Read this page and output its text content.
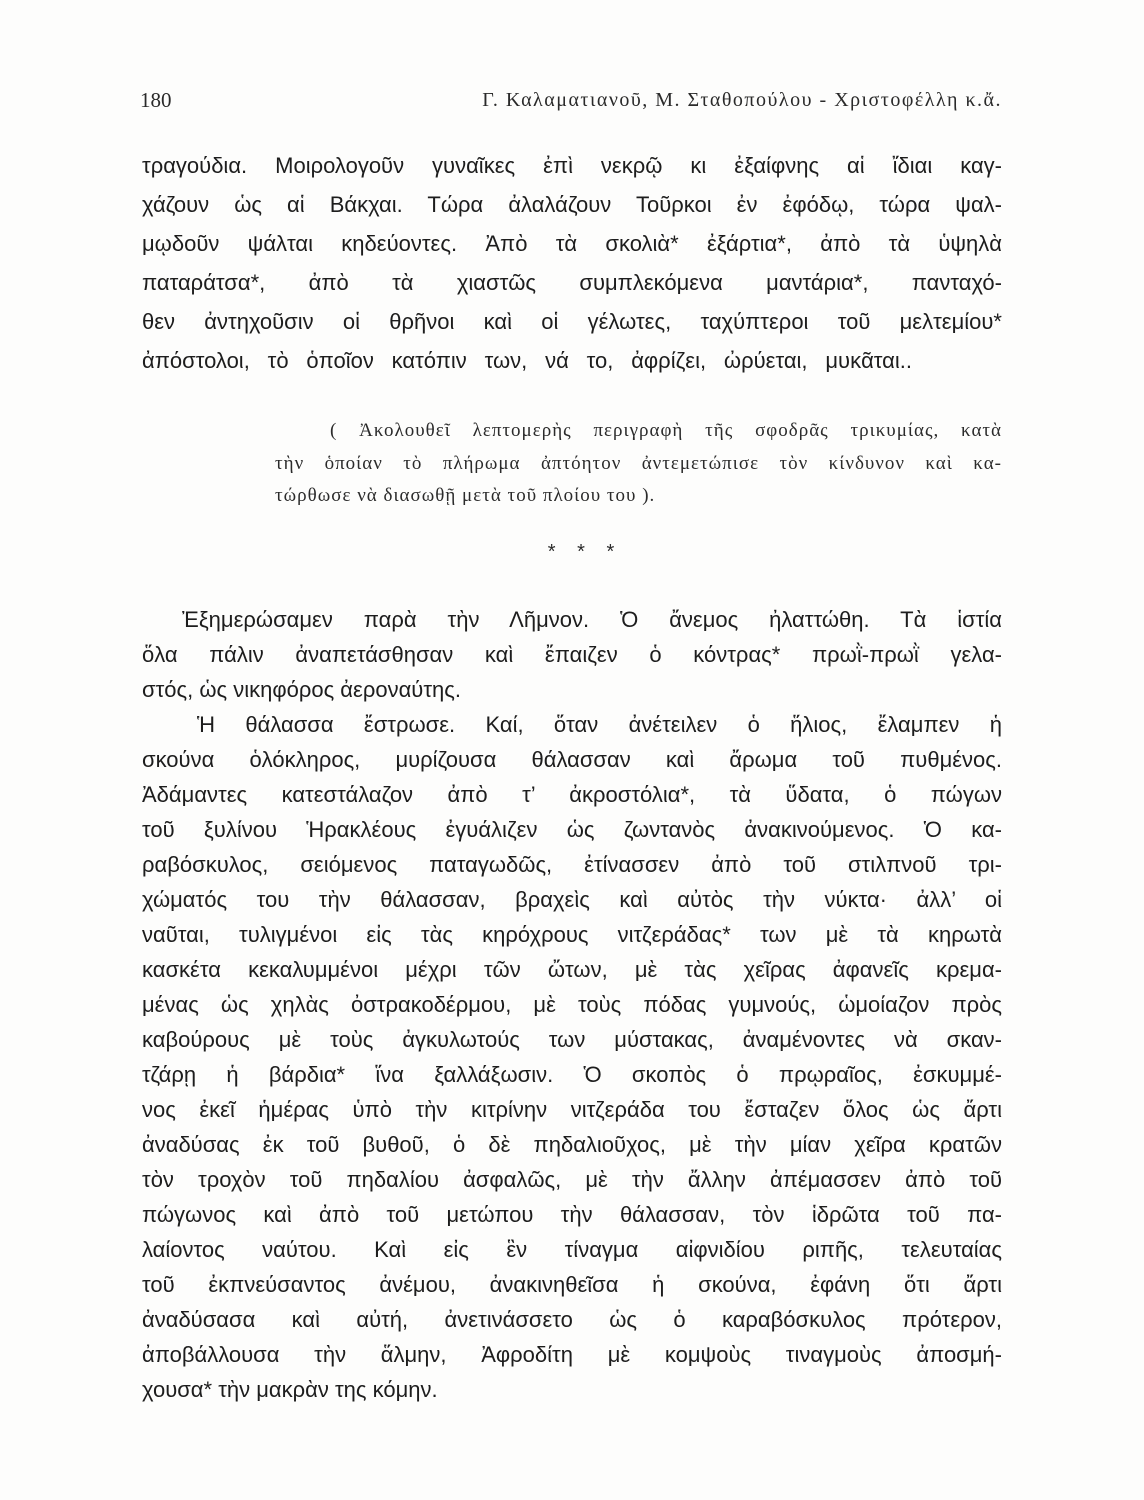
180	Γ. Καλαματιανοῦ, Μ. Σταθοπούλου - Χριστοφέλλη κ.ἄ.
τραγούδια. Μοιρολογοῦν γυναῖκες ἐπὶ νεκρῷ κι ἐξαίφνης αἱ ἴδιαι καγ-
χάζουν ὡς αἱ Βάκχαι. Τώρα ἀλαλάζουν Τοῦρκοι ἐν ἐφόδῳ, τώρα ψαλ-
μῳδοῦν ψάλται κηδεύοντες. Ἀπὸ τὰ σκολιὰ* ἐξάρτια*, ἀπὸ τὰ ὑψηλὰ
παταράτσα*, ἀπὸ τὰ χιαστῶς συμπλεκόμενα μαντάρια*, πανταχό-
θεν ἀντηχοῦσιν οἱ θρῆνοι καὶ οἱ γέλωτες, ταχύπτεροι τοῦ μελτεμίου*
ἀπόστολοι, τὸ ὁποῖον κατόπιν των, νά το, ἀφρίζει, ὠρύεται, μυκᾶται..
( Ἀκολουθεῖ λεπτομερὴς περιγραφὴ τῆς σφοδρᾶς τρικυμίας, κατὰ
τὴν ὁποίαν τὸ πλήρωμα ἀπτόητον ἀντεμετώπισε τὸν κίνδυνον καὶ κα-
τώρθωσε νὰ διασωθῇ μετὰ τοῦ πλοίου του ).
* * *
Ἐξημερώσαμεν παρὰ τὴν Λῆμνον. Ὁ ἄνεμος ἠλαττώθη. Τὰ ἱστία
ὅλα πάλιν ἀναπετάσθησαν καὶ ἔπαιζεν ὁ κόντρας* πρωῒ-πρωῒ γελα-
στός, ὡς νικηφόρος ἀεροναύτης.
Ἡ θάλασσα ἔστρωσε. Καί, ὅταν ἀνέτειλεν ὁ ἥλιος, ἔλαμπεν ἡ
σκούνα ὁλόκληρος, μυρίζουσα θάλασσαν καὶ ἄρωμα τοῦ πυθμένος.
Ἀδάμαντες κατεστάλαζον ἀπὸ τ’ ἀκροστόλια*, τὰ ὕδατα, ὁ πώγων
τοῦ ξυλίνου Ἡρακλέους ἐγυάλιζεν ὡς ζωντανὸς ἀνακινούμενος. Ὁ κα-
ραβόσκυλος, σειόμενος παταγωδῶς, ἐτίνασσεν ἀπὸ τοῦ στιλπνοῦ τρι-
χώματός του τὴν θάλασσαν, βραχεὶς καὶ αὐτὸς τὴν νύκτα· ἀλλ’ οἱ
ναῦται, τυλιγμένοι εἰς τὰς κηρόχρους νιτζεράδας* των μὲ τὰ κηρωτὰ
κασκέτα κεκαλυμμένοι μέχρι τῶν ὤτων, μὲ τὰς χεῖρας ἀφανεῖς κρεμα-
μένας ὡς χηλὰς ὀστρακοδέρμου, μὲ τοὺς πόδας γυμνούς, ὡμοίαζον πρὸς
καβούρους μὲ τοὺς ἀγκυλωτούς των μύστακας, ἀναμένοντες νὰ σκαν-
τζάρῃ ἡ βάρδια* ἵνα ξαλλάξωσιν. Ὁ σκοπὸς ὁ πρῳραῖος, ἐσκυμμέ-
νος ἐκεῖ ἡμέρας ὑπὸ τὴν κιτρίνην νιτζεράδα του ἔσταζεν ὅλος ὡς ἄρτι
ἀναδύσας ἐκ τοῦ βυθοῦ, ὁ δὲ πηδαλιοῦχος, μὲ τὴν μίαν χεῖρα κρατῶν
τὸν τροχὸν τοῦ πηδαλίου ἀσφαλῶς, μὲ τὴν ἄλλην ἀπέμασσεν ἀπὸ τοῦ
πώγωνος καὶ ἀπὸ τοῦ μετώπου τὴν θάλασσαν, τὸν ἱδρῶτα τοῦ πα-
λαίοντος ναύτου. Καὶ εἰς ἓν τίναγμα αἰφνιδίου ριπῆς, τελευταίας
τοῦ ἐκπνεύσαντος ἀνέμου, ἀνακινηθεῖσα ἡ σκούνα, ἐφάνη ὅτι ἄρτι
ἀναδύσασα καὶ αὐτή, ἀνετινάσσετο ὡς ὁ καραβόσκυλος πρότερον,
ἀποβάλλουσα τὴν ἅλμην, Ἀφροδίτη μὲ κομψοὺς τιναγμοὺς ἀποσμή-
χουσα* τὴν μακρὰν της κόμην.
